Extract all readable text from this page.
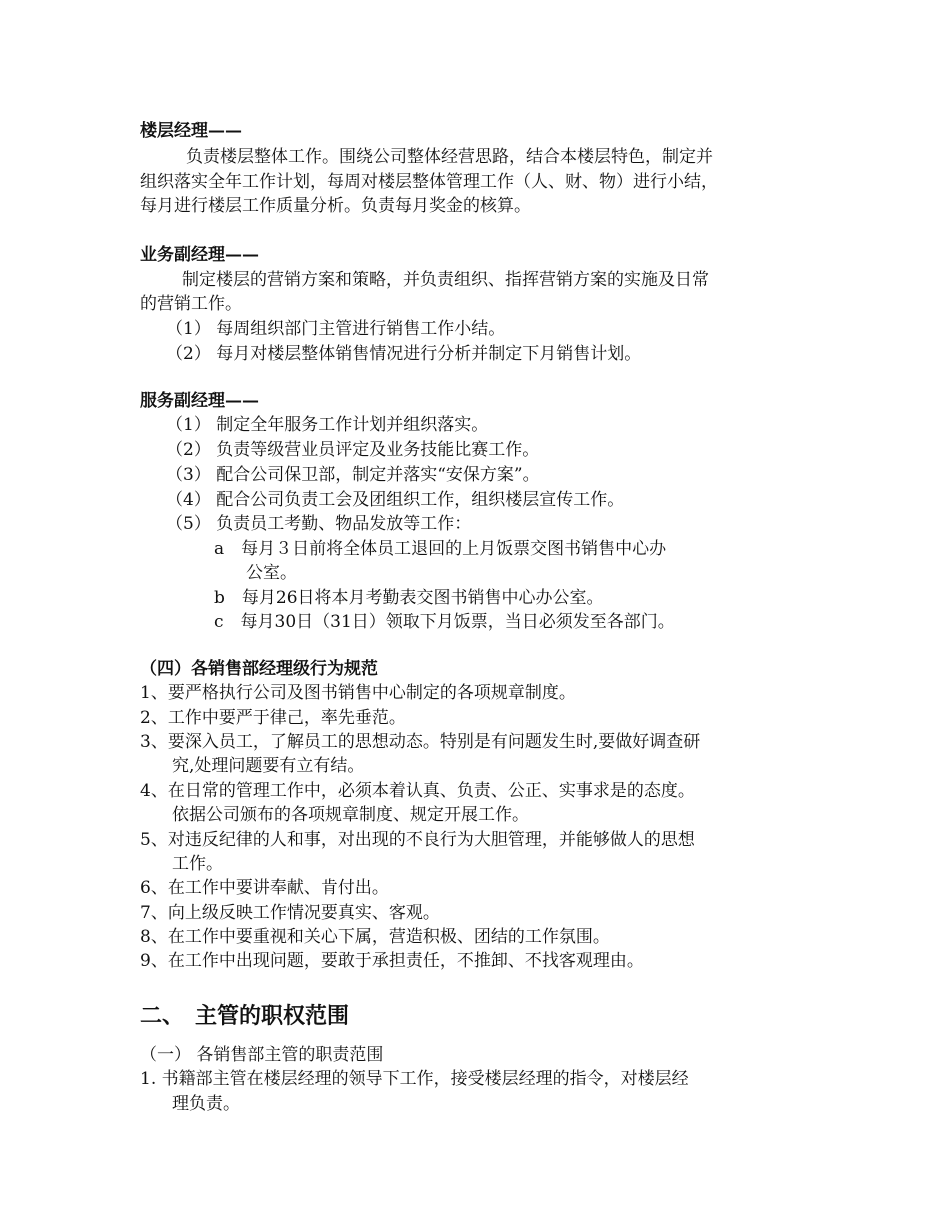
楼层经理——
负责楼层整体工作。围绕公司整体经营思路，结合本楼层特色，制定并
组织落实全年工作计划，每周对楼层整体管理工作（人、财、物）进行小结，
每月进行楼层工作质量分析。负责每月奖金的核算。
业务副经理——
制定楼层的营销方案和策略，并负责组织、指挥营销方案的实施及日常
的营销工作。
（1） 每周组织部门主管进行销售工作小结。
（2） 每月对楼层整体销售情况进行分析并制定下月销售计划。
服务副经理——
（1） 制定全年服务工作计划并组织落实。
（2） 负责等级营业员评定及业务技能比赛工作。
（3） 配合公司保卫部，制定并落实“安保方案”。
（4） 配合公司负责工会及团组织工作，组织楼层宣传工作。
（5） 负责员工考勤、物品发放等工作：
a　每月３日前将全体员工退回的上月饭票交图书销售中心办
公室。
b　每月26日将本月考勤表交图书销售中心办公室。
c　每月30日（31日）领取下月饭票，当日必须发至各部门。
（四）各销售部经理级行为规范
1、要严格执行公司及图书销售中心制定的各项规章制度。
2、工作中要严于律己，率先垂范。
3、要深入员工，了解员工的思想动态。特别是有问题发生时,要做好调查研
究,处理问题要有立有结。
4、在日常的管理工作中，必须本着认真、负责、公正、实事求是的态度。
依据公司颁布的各项规章制度、规定开展工作。
5、对违反纪律的人和事，对出现的不良行为大胆管理，并能够做人的思想
工作。
6、在工作中要讲奉献、肯付出。
7、向上级反映工作情况要真实、客观。
8、在工作中要重视和关心下属，营造积极、团结的工作氛围。
9、在工作中出现问题，要敢于承担责任，不推卸、不找客观理由。
二、　主管的职权范围
（一） 各销售部主管的职责范围
1. 书籍部主管在楼层经理的领导下工作，接受楼层经理的指令，对楼层经
理负责。
